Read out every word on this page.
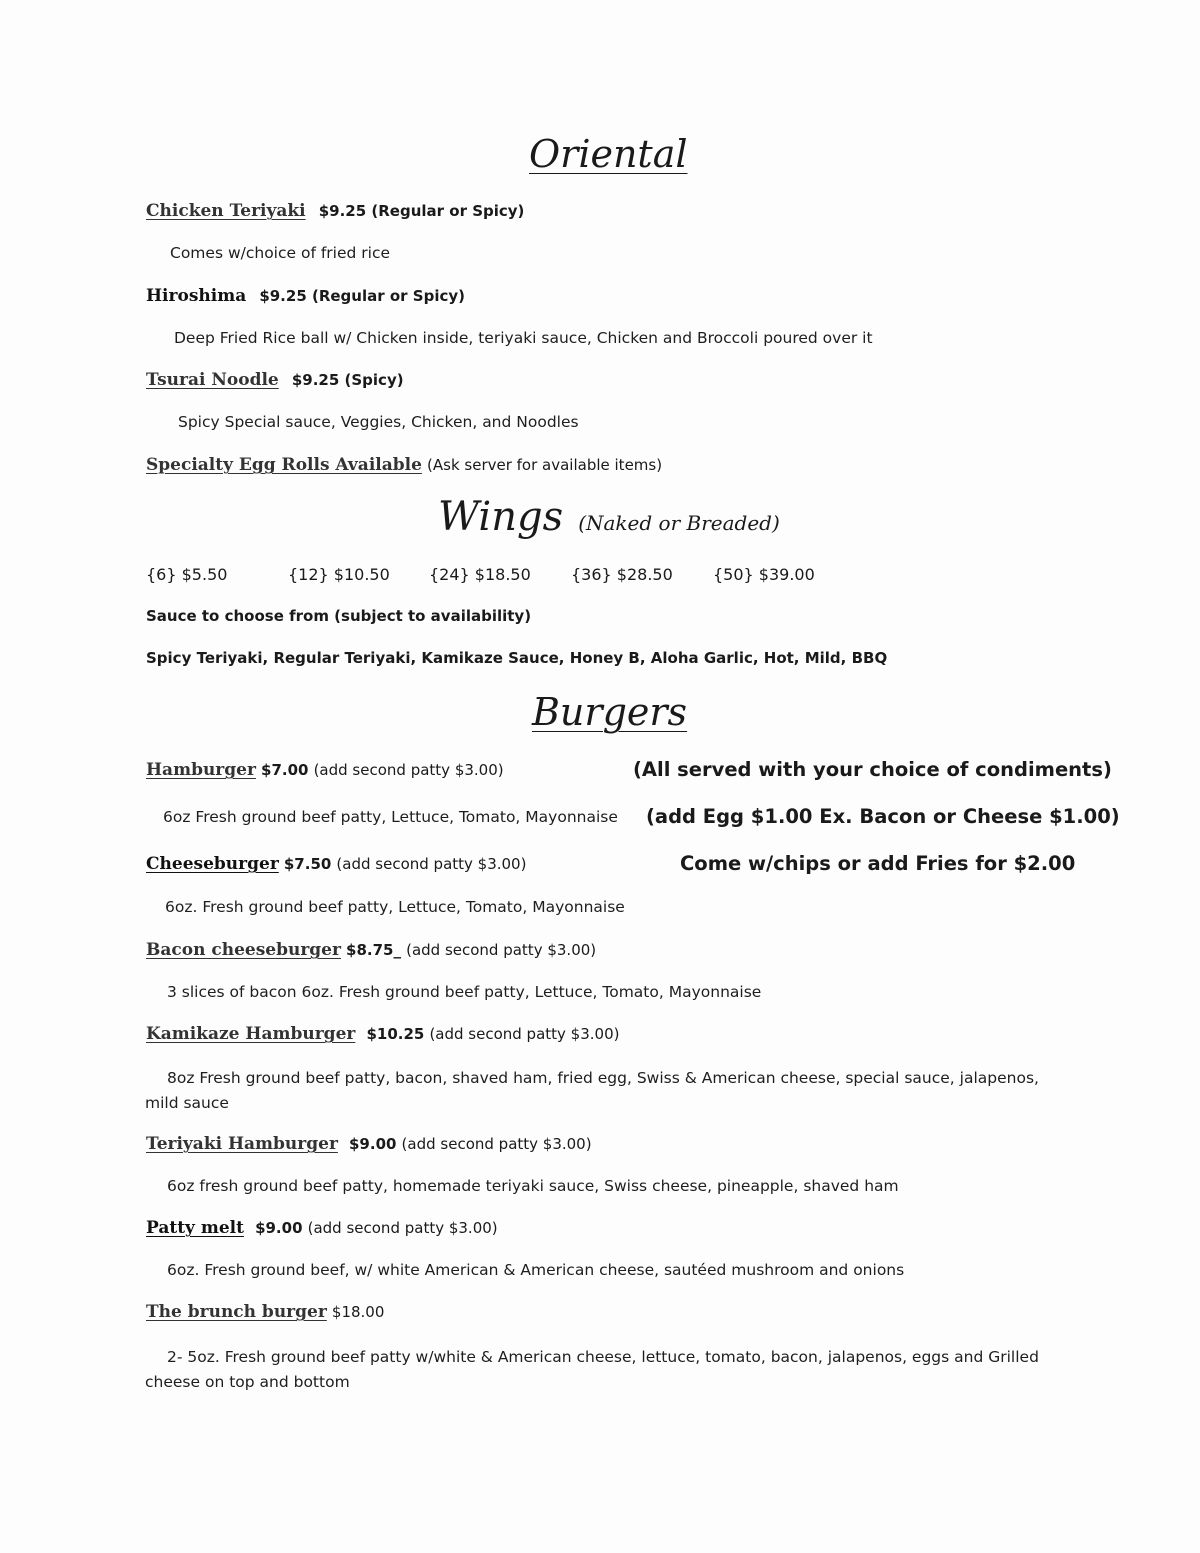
Oriental
Chicken Teriyaki $9.25 (Regular or Spicy)
Comes w/choice of fried rice
Hiroshima $9.25 (Regular or Spicy)
Deep Fried Rice ball w/ Chicken inside, teriyaki sauce, Chicken and Broccoli poured over it
Tsurai Noodle $9.25 (Spicy)
Spicy Special sauce, Veggies, Chicken, and Noodles
Specialty Egg Rolls Available (Ask server for available items)
Wings (Naked or Breaded)
{6} $5.50	{12} $10.50 {24} $18.50	{36} $28.50	{50} $39.00
Sauce to choose from (subject to availability)
Spicy Teriyaki, Regular Teriyaki, Kamikaze Sauce, Honey B, Aloha Garlic, Hot, Mild, BBQ
Burgers
(All served with your choice of condiments)
(add Egg $1.00 Ex. Bacon or Cheese $1.00)
Come w/chips or add Fries for $2.00
Hamburger $7.00 (add second patty $3.00)
6oz Fresh ground beef patty, Lettuce, Tomato, Mayonnaise
Cheeseburger $7.50 (add second patty $3.00)
6oz. Fresh ground beef patty, Lettuce, Tomato, Mayonnaise
Bacon cheeseburger $8.75_ (add second patty $3.00)
3 slices of bacon 6oz. Fresh ground beef patty, Lettuce, Tomato, Mayonnaise
Kamikaze Hamburger $10.25 (add second patty $3.00)
8oz Fresh ground beef patty, bacon, shaved ham, fried egg, Swiss & American cheese, special sauce, jalapenos, mild sauce
Teriyaki Hamburger $9.00 (add second patty $3.00)
6oz fresh ground beef patty, homemade teriyaki sauce, Swiss cheese, pineapple, shaved ham
Patty melt $9.00 (add second patty $3.00)
6oz. Fresh ground beef, w/ white American & American cheese, sautéed mushroom and onions
The brunch burger $18.00
2- 5oz. Fresh ground beef patty w/white & American cheese, lettuce, tomato, bacon, jalapenos, eggs and Grilled cheese on top and bottom
